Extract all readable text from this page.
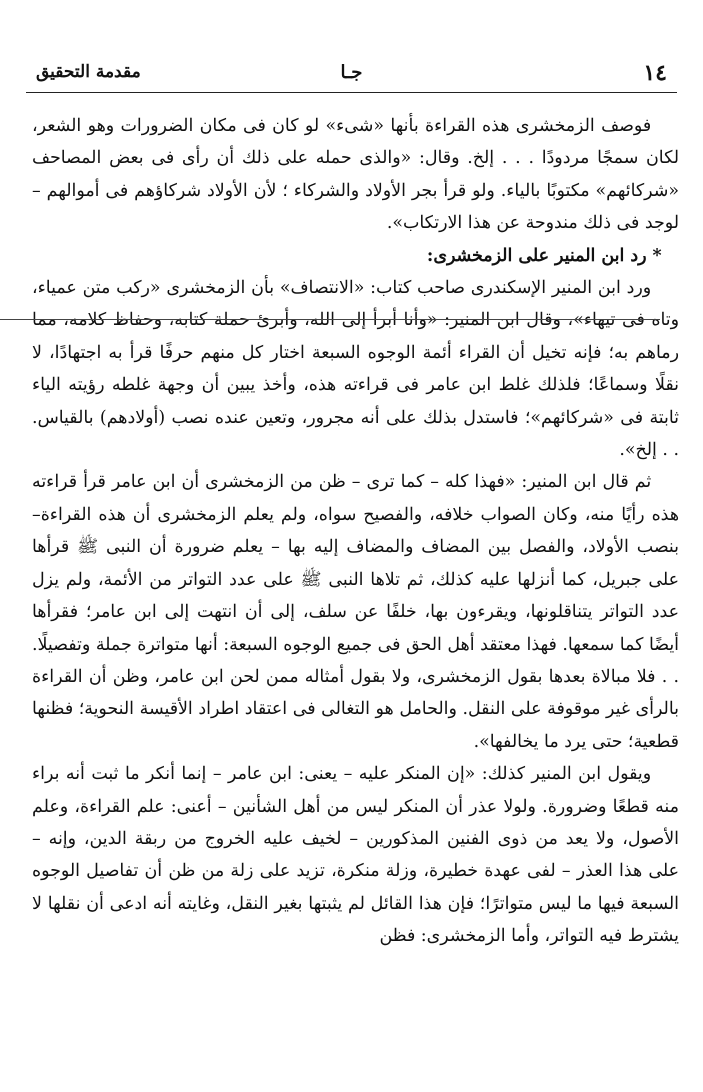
١٤
جـا
مقدمة التحقيق

فوصف الزمخشرى هذه القراءة بأنها «شىء» لو كان فى مكان الضرورات وهو الشعر، لكان سمجًا مردودًا . . . إلخ. وقال: «والذى حمله على ذلك أن رأى فى بعض المصاحف «شركائهم» مكتوبًا بالياء. ولو قرأ بجر الأولاد والشركاء ؛ لأن الأولاد شركاؤهم فى أموالهم – لوجد فى ذلك مندوحة عن هذا الارتكاب».

*رد ابن المنير على الزمخشرى:

ورد ابن المنير الإسكندرى صاحب كتاب: «الانتصاف» بأن الزمخشرى «ركب متن عمياء، وتاه فى تيهاء»، وقال ابن المنير: «وأنا أبرأ إلى الله، وأبرئ حملة كتابه، وحفاظ كلامه، مما رماهم به؛ فإنه تخيل أن القراء أئمة الوجوه السبعة اختار كل منهم حرفًا قرأ به اجتهادًا، لا نقلًا وسماعًا؛ فلذلك غلط ابن عامر فى قراءته هذه، وأخذ يبين أن وجهة غلطه رؤيته الياء ثابتة فى «شركائهم»؛ فاستدل بذلك على أنه مجرور، وتعين عنده نصب (أولادهم) بالقياس. . . إلخ».

ثم قال ابن المنير: «فهذا كله – كما ترى – ظن من الزمخشرى أن ابن عامر قرأ قراءته هذه رأيًا منه، وكان الصواب خلافه، والفصيح سواه، ولم يعلم الزمخشرى أن هذه القراءة– بنصب الأولاد، والفصل بين المضاف والمضاف إليه بها – يعلم ضرورة أن النبى ﷺ قرأها على جبريل، كما أنزلها عليه كذلك، ثم تلاها النبى ﷺ على عدد التواتر من الأئمة، ولم يزل عدد التواتر يتناقلونها، ويقرءون بها، خلفًا عن سلف، إلى أن انتهت إلى ابن عامر؛ فقرأها أيضًا كما سمعها. فهذا معتقد أهل الحق فى جميع الوجوه السبعة: أنها متواترة جملة وتفصيلًا. . . فلا مبالاة بعدها بقول الزمخشرى، ولا بقول أمثاله ممن لحن ابن عامر، وظن أن القراءة بالرأى غير موقوفة على النقل. والحامل هو التغالى فى اعتقاد اطراد الأقيسة النحوية؛ فظنها قطعية؛ حتى يرد ما يخالفها».

ويقول ابن المنير كذلك: «إن المنكر عليه – يعنى: ابن عامر – إنما أنكر ما ثبت أنه براء منه قطعًا وضرورة. ولولا عذر أن المنكر ليس من أهل الشأنين – أعنى: علم القراءة، وعلم الأصول، ولا يعد من ذوى الفنين المذكورين – لخيف عليه الخروج من ربقة الدين، وإنه – على هذا العذر – لفى عهدة خطيرة، وزلة منكرة، تزيد على زلة من ظن أن تفاصيل الوجوه السبعة فيها ما ليس متواترًا؛ فإن هذا القائل لم يثبتها بغير النقل، وغايته أنه ادعى أن نقلها لا يشترط فيه التواتر، وأما الزمخشرى: فظن
